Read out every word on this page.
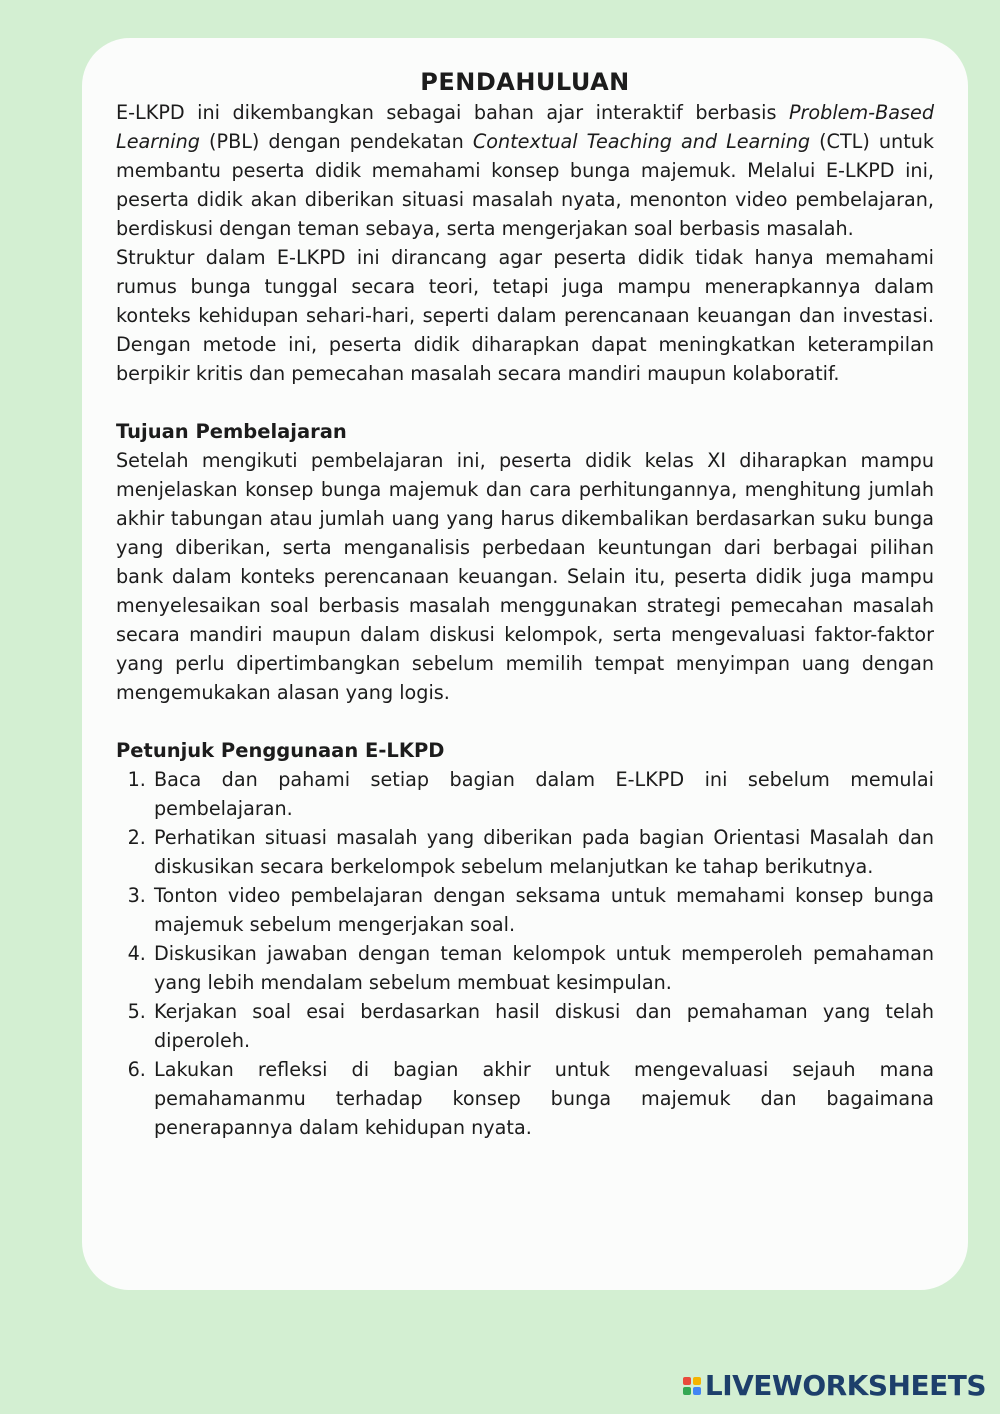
PENDAHULUAN

E-LKPD ini dikembangkan sebagai bahan ajar interaktif berbasis Problem-Based Learning (PBL) dengan pendekatan Contextual Teaching and Learning (CTL) untuk membantu peserta didik memahami konsep bunga majemuk. Melalui E-LKPD ini, peserta didik akan diberikan situasi masalah nyata, menonton video pembelajaran, berdiskusi dengan teman sebaya, serta mengerjakan soal berbasis masalah.

Struktur dalam E-LKPD ini dirancang agar peserta didik tidak hanya memahami rumus bunga tunggal secara teori, tetapi juga mampu menerapkannya dalam konteks kehidupan sehari-hari, seperti dalam perencanaan keuangan dan investasi. Dengan metode ini, peserta didik diharapkan dapat meningkatkan keterampilan berpikir kritis dan pemecahan masalah secara mandiri maupun kolaboratif.

Tujuan Pembelajaran

Setelah mengikuti pembelajaran ini, peserta didik kelas XI diharapkan mampu menjelaskan konsep bunga majemuk dan cara perhitungannya, menghitung jumlah akhir tabungan atau jumlah uang yang harus dikembalikan berdasarkan suku bunga yang diberikan, serta menganalisis perbedaan keuntungan dari berbagai pilihan bank dalam konteks perencanaan keuangan. Selain itu, peserta didik juga mampu menyelesaikan soal berbasis masalah menggunakan strategi pemecahan masalah secara mandiri maupun dalam diskusi kelompok, serta mengevaluasi faktor-faktor yang perlu dipertimbangkan sebelum memilih tempat menyimpan uang dengan mengemukakan alasan yang logis.

Petunjuk Penggunaan E-LKPD
1. Baca dan pahami setiap bagian dalam E-LKPD ini sebelum memulai pembelajaran.
2. Perhatikan situasi masalah yang diberikan pada bagian Orientasi Masalah dan diskusikan secara berkelompok sebelum melanjutkan ke tahap berikutnya.
3. Tonton video pembelajaran dengan seksama untuk memahami konsep bunga majemuk sebelum mengerjakan soal.
4. Diskusikan jawaban dengan teman kelompok untuk memperoleh pemahaman yang lebih mendalam sebelum membuat kesimpulan.
5. Kerjakan soal esai berdasarkan hasil diskusi dan pemahaman yang telah diperoleh.
6. Lakukan refleksi di bagian akhir untuk mengevaluasi sejauh mana pemahamanmu terhadap konsep bunga majemuk dan bagaimana penerapannya dalam kehidupan nyata.
LIVEWORKSHEETS
